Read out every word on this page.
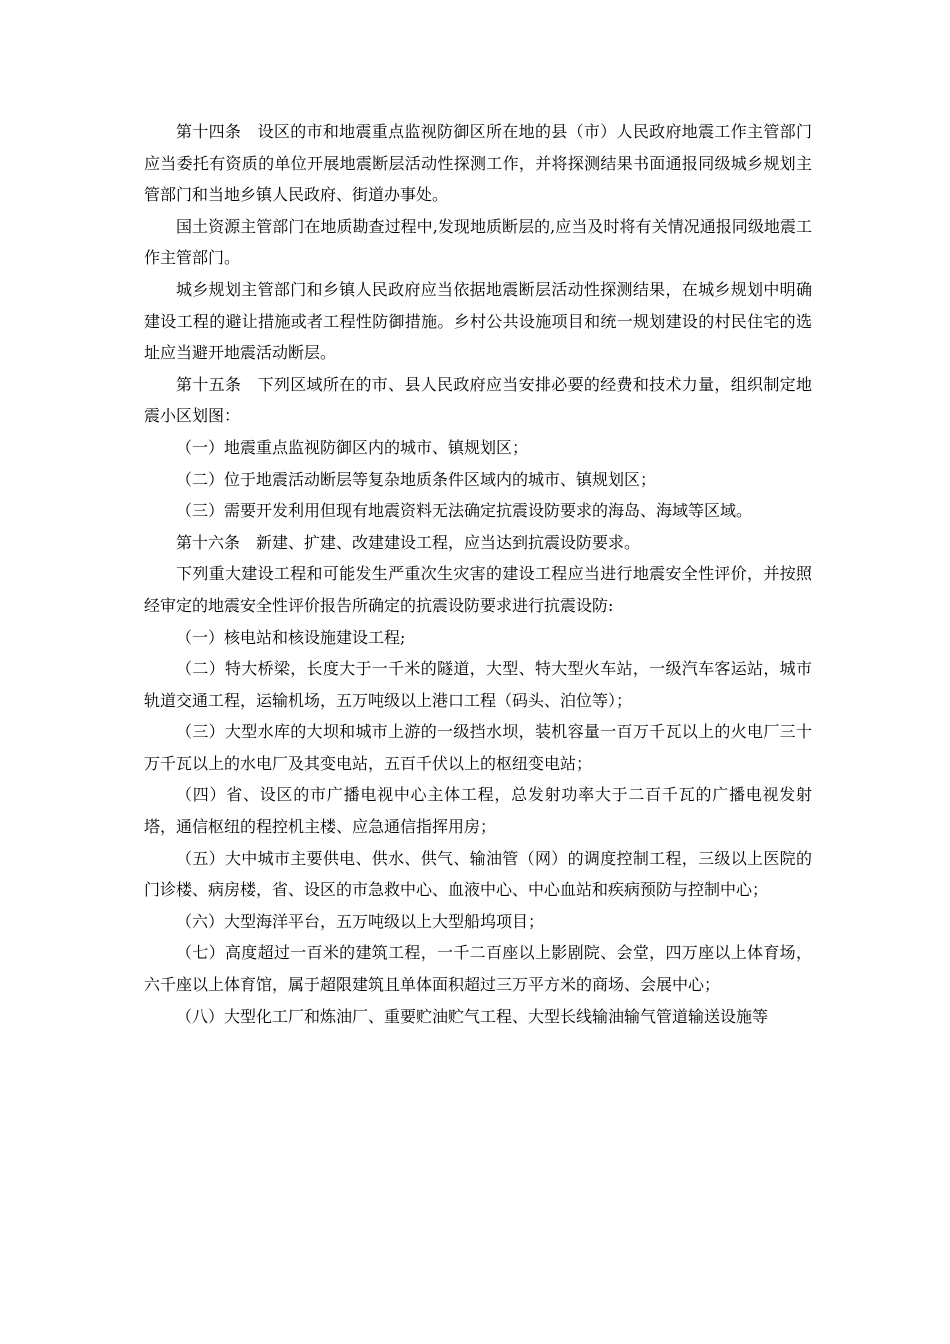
第十四条　设区的市和地震重点监视防御区所在地的县（市）人民政府地震工作主管部门应当委托有资质的单位开展地震断层活动性探测工作，并将探测结果书面通报同级城乡规划主管部门和当地乡镇人民政府、街道办事处。

国土资源主管部门在地质勘查过程中,发现地质断层的,应当及时将有关情况通报同级地震工作主管部门。

城乡规划主管部门和乡镇人民政府应当依据地震断层活动性探测结果，在城乡规划中明确建设工程的避让措施或者工程性防御措施。乡村公共设施项目和统一规划建设的村民住宅的选址应当避开地震活动断层。

第十五条　下列区域所在的市、县人民政府应当安排必要的经费和技术力量，组织制定地震小区划图：

（一）地震重点监视防御区内的城市、镇规划区；

（二）位于地震活动断层等复杂地质条件区域内的城市、镇规划区；

（三）需要开发利用但现有地震资料无法确定抗震设防要求的海岛、海域等区域。

第十六条　新建、扩建、改建建设工程，应当达到抗震设防要求。

下列重大建设工程和可能发生严重次生灾害的建设工程应当进行地震安全性评价，并按照经审定的地震安全性评价报告所确定的抗震设防要求进行抗震设防:

（一）核电站和核设施建设工程;

（二）特大桥梁，长度大于一千米的隧道，大型、特大型火车站，一级汽车客运站，城市轨道交通工程，运输机场，五万吨级以上港口工程（码头、泊位等）；

（三）大型水库的大坝和城市上游的一级挡水坝，装机容量一百万千瓦以上的火电厂三十万千瓦以上的水电厂及其变电站，五百千伏以上的枢纽变电站；

（四）省、设区的市广播电视中心主体工程，总发射功率大于二百千瓦的广播电视发射塔，通信枢纽的程控机主楼、应急通信指挥用房；

（五）大中城市主要供电、供水、供气、输油管（网）的调度控制工程，三级以上医院的门诊楼、病房楼，省、设区的市急救中心、血液中心、中心血站和疾病预防与控制中心；

（六）大型海洋平台，五万吨级以上大型船坞项目；

（七）高度超过一百米的建筑工程，一千二百座以上影剧院、会堂，四万座以上体育场，六千座以上体育馆，属于超限建筑且单体面积超过三万平方米的商场、会展中心；

（八）大型化工厂和炼油厂、重要贮油贮气工程、大型长线输油输气管道输送设施等
